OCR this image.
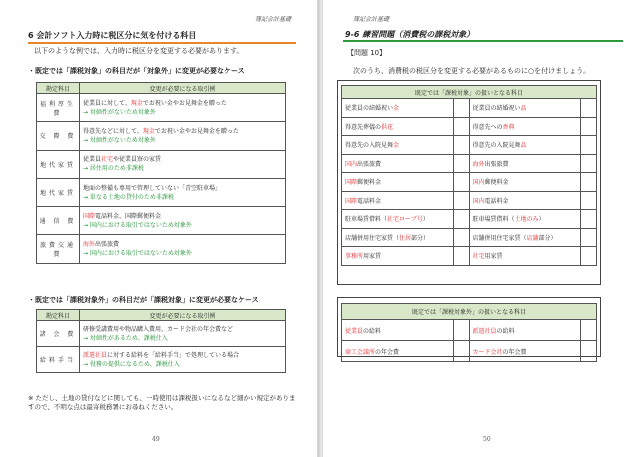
簿記会計基礎
6 会計ソフト入力時に税区分に気を付ける科目
以下のような例では、入力時に税区分を変更する必要があります。
・既定では「課税対象」の科目だが「対象外」に変更が必要なケース
勘定科目	変更が必要になる取引例
福利厚生費	従業員に対して、現金でお祝い金やお見舞金を贈った
→ 対価性がないため対象外

交 際 費	得意先などに対して、現金でお祝い金やお見舞金を贈った
→ 対価性がないため対象外

地代家賃	従業員社宅や従業員寮の家賃
→ 居住用のため非課税

地代家賃	地面の整備も専用で管理していない「青空駐車場」
→ 単なる土地の貸付のため非課税

通 信 費	国際電話料金、国際郵便料金
→ 国内における取引ではないため対象外

旅費交通費	海外出張旅費
→ 国内における取引ではないため対象外
・既定では「課税対象外」の科目だが「課税対象」に変更が必要なケース
勘定科目	変更が必要になる取引例
諸 会 費	研修受講費用や物品購入費用、カード会社の年会費など
→ 対価性があるため、課税仕入

給料手当	派遣社員に対する給料を「給料手当」で処理している場合
→ 役務の提供になるため、課税仕入
※ ただし、土地の貸付などに関しても、一時使用は課税扱いになるなど細かい規定がありますので、不明な点は最寄税務署にお尋ねください。
49
簿記会計基礎
9-6 練習問題（消費税の課税対象）
【問題 10】
次のうち、消費税の税区分を変更する必要があるものに○を付けましょう。
既定では「課税対象」の扱いとなる科目			
従業員の結婚祝い金		従業員の結婚祝い品	
得意先葬儀の供花		得意先への香典	
得意先の入院見舞金		得意先の入院見舞品	
国内出張旅費		海外出張旅費	
国際郵便料金		国内郵便料金	
国際電話料金		国内電話料金	
駐車場賃借料（社宅ローブ号）		駐車場賃借料（土地のみ）	
店舗併用住宅家賃（住居部分）		店舗併用住宅家賃（店舗部分）	
事務所用家賃		社宅用家賃	
既定では「課税対象外」の扱いとなる科目			
従業員の給料		派遣社員の給料	
商工会議所の年会費		カード会社の年会費	
50
